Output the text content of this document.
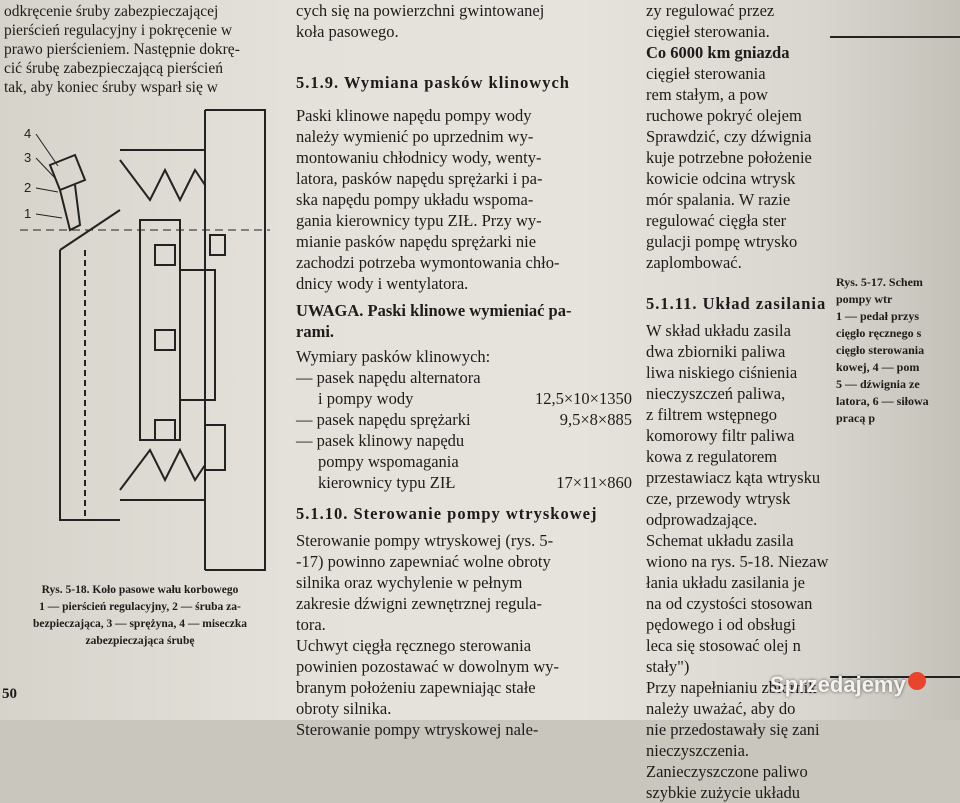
odkręcenie śruby zabezpieczającej

pierścień regulacyjny i pokręcenie w

prawo pierścieniem. Następnie dokrę-

cić śrubę zabezpieczającą pierścień

tak, aby koniec śruby wsparł się w

4
3
2
1
Rys. 5-18. Koło pasowe wału korbowego
1 — pierścień regulacyjny, 2 — śruba za-
bezpieczająca, 3 — sprężyna, 4 — miseczka
zabezpieczająca śrubę
50

cych się na powierzchni gwintowanej

koła pasowego.

5.1.9. Wymiana pasków klinowych

Paski klinowe napędu pompy wody

należy wymienić po uprzednim wy-

montowaniu chłodnicy wody, wenty-

latora, pasków napędu sprężarki i pa-

ska napędu pompy układu wspoma-

gania kierownicy typu ZIŁ. Przy wy-

mianie pasków napędu sprężarki nie

zachodzi potrzeba wymontowania chło-

dnicy wody i wentylatora.

UWAGA. Paski klinowe wymieniać pa-

rami.

Wymiary pasków klinowych:

— pasek napędu alternatora

i pompy wody	12,5×10×1350

— pasek napędu sprężarki	9,5×8×885

— pasek klinowy napędu

pompy wspomagania

kierownicy typu ZIŁ	17×11×860

5.1.10. Sterowanie pompy wtryskowej

Sterowanie pompy wtryskowej (rys. 5-

-17) powinno zapewniać wolne obroty

silnika oraz wychylenie w pełnym

zakresie dźwigni zewnętrznej regula-

tora.

Uchwyt cięgła ręcznego sterowania

powinien pozostawać w dowolnym wy-

branym położeniu zapewniając stałe

obroty silnika.

Sterowanie pompy wtryskowej nale-

zy regulować przez

cięgieł sterowania.

Co 6000 km gniazda

cięgieł sterowania

rem stałym, a pow

ruchowe pokryć olejem

Sprawdzić, czy dźwignia

kuje potrzebne położenie

kowicie odcina wtrysk

mór spalania. W razie

regulować cięgła ster

gulacji pompę wtrysko

zaplombować.

5.1.11. Układ zasilania

W skład układu zasila

dwa zbiorniki paliwa

liwa niskiego ciśnienia

nieczyszczeń paliwa,

z filtrem wstępnego

komorowy filtr paliwa

kowa z regulatorem

przestawiacz kąta wtrysku

cze, przewody wtrysk

odprowadzające.

Schemat układu zasila

wiono na rys. 5-18. Niezaw

łania układu zasilania je

na od czystości stosowan

pędowego i od obsługi

leca się stosować olej n

stały")

Przy napełnianiu zbiornik

należy uważać, aby do

nie przedostawały się zani

nieczyszczenia.

Zanieczyszczone paliwo

szybkie zużycie układu

Rys. 5-17. Schem
pompy wtr
1 — pedał przys
cięgło ręcznego s
cięgło sterowania
kowej, 4 — pom
5 — dźwignia ze
latora, 6 — siłowa
pracą p
Sprzedajemy
